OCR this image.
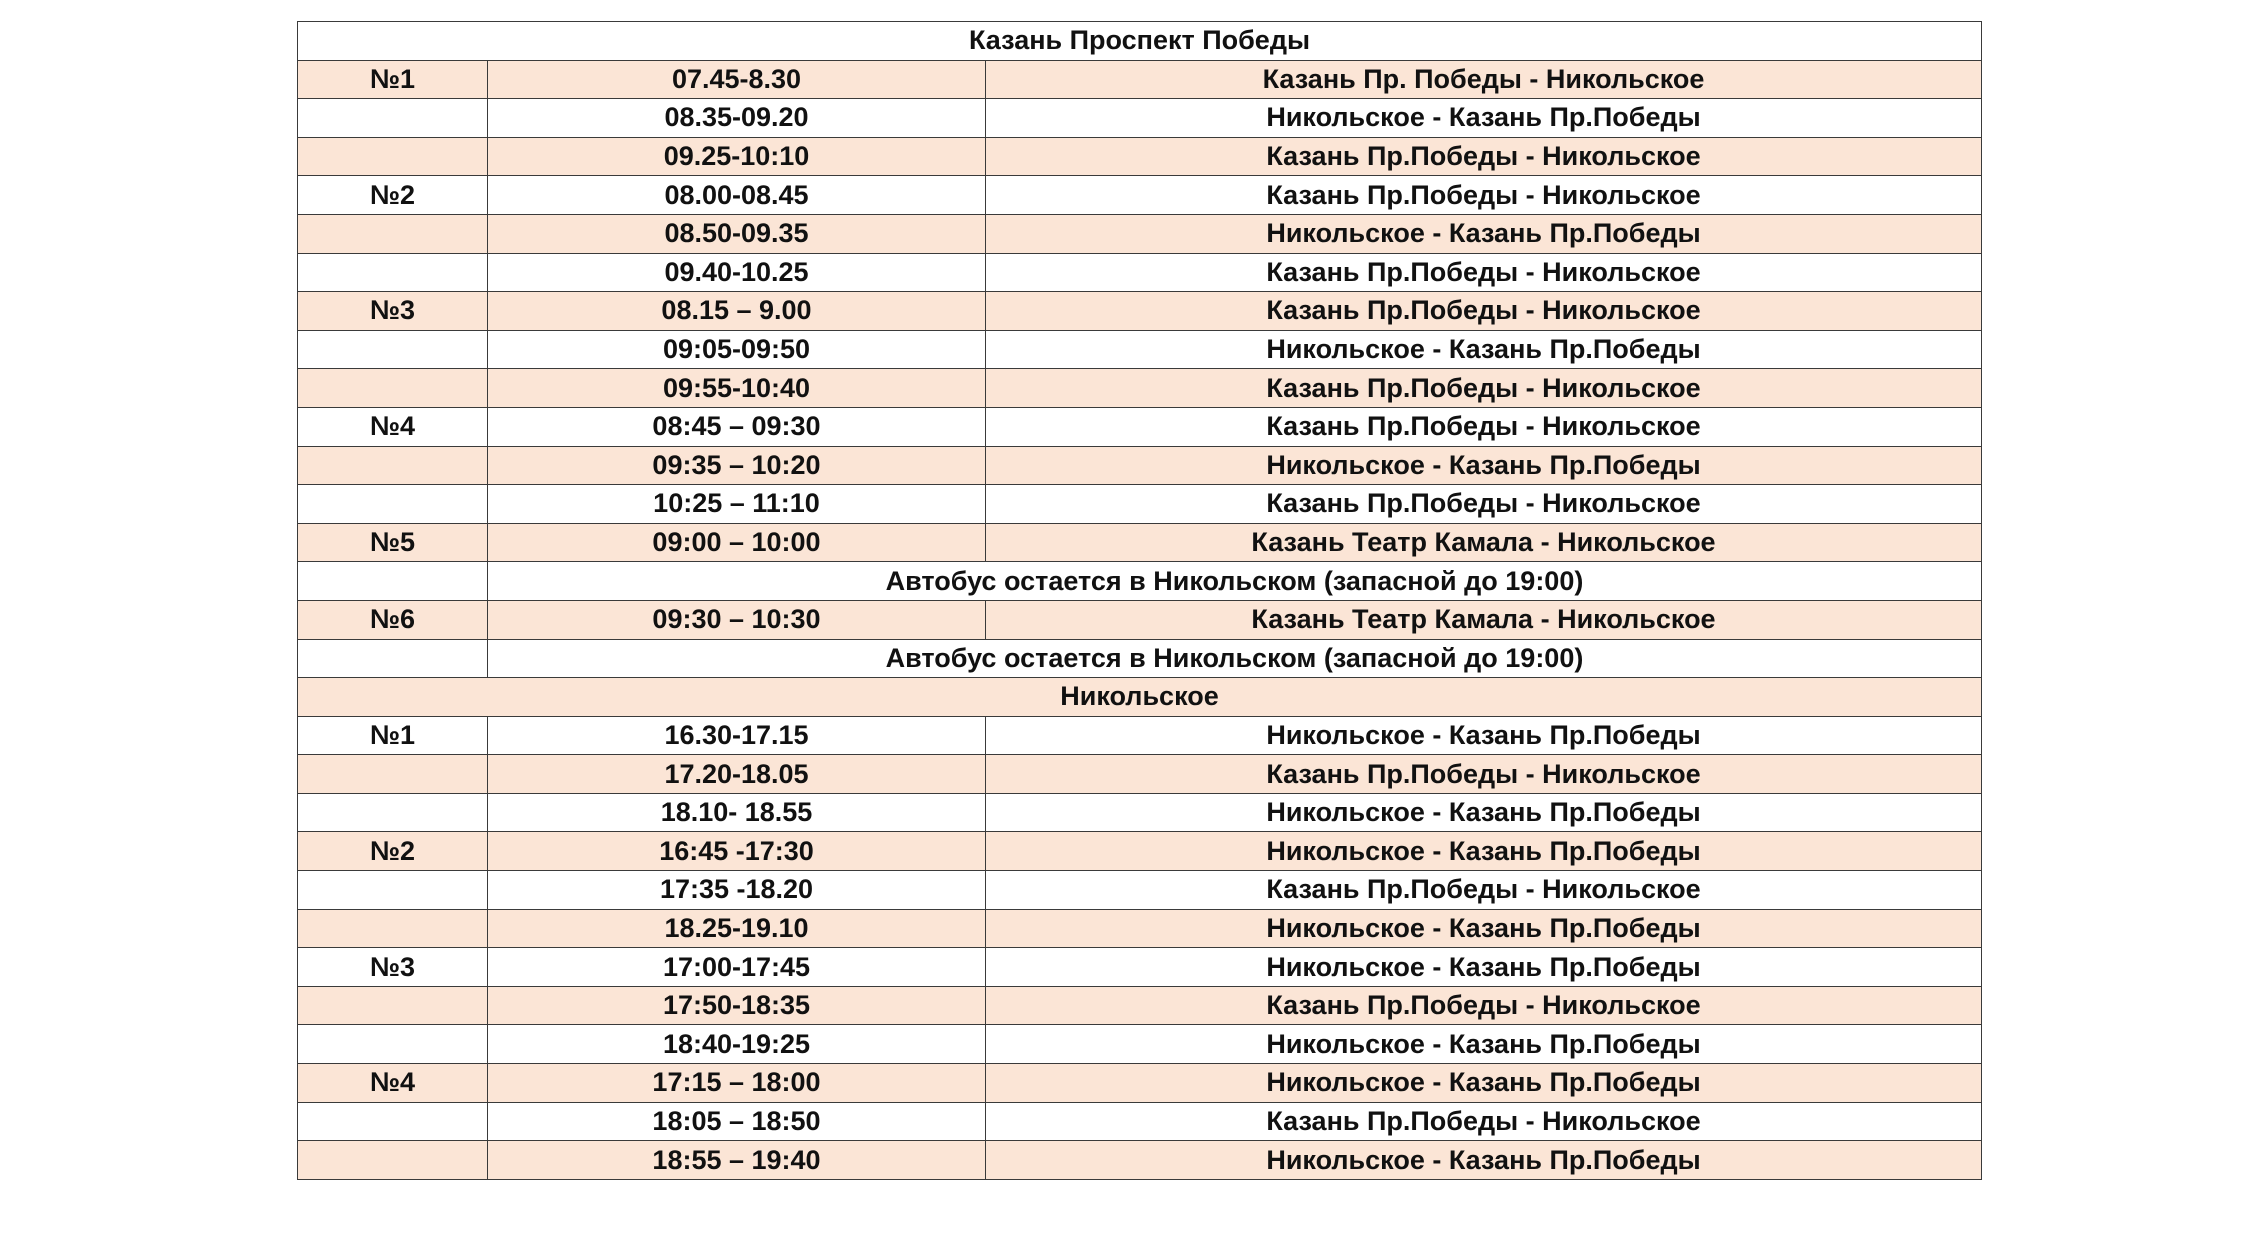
Казань Проспект Победы		
№1	07.45-8.30	Казань Пр. Победы - Никольское
	08.35-09.20	Никольское - Казань Пр.Победы
	09.25-10:10	Казань Пр.Победы - Никольское
№2	08.00-08.45	Казань Пр.Победы - Никольское
	08.50-09.35	Никольское - Казань Пр.Победы
	09.40-10.25	Казань Пр.Победы - Никольское
№3	08.15 – 9.00	Казань Пр.Победы - Никольское
	09:05-09:50	Никольское - Казань Пр.Победы
	09:55-10:40	Казань Пр.Победы - Никольское
№4	08:45 – 09:30	Казань Пр.Победы - Никольское
	09:35 – 10:20	Никольское - Казань Пр.Победы
	10:25 – 11:10	Казань Пр.Победы - Никольское
№5	09:00 – 10:00	Казань Театр Камала - Никольское
	Автобус остается в Никольском (запасной до 19:00)	
№6	09:30 – 10:30	Казань Театр Камала - Никольское
	Автобус остается в Никольском (запасной до 19:00)	
Никольское		
№1	16.30-17.15	Никольское - Казань Пр.Победы
	17.20-18.05	Казань Пр.Победы - Никольское
	18.10- 18.55	Никольское - Казань Пр.Победы
№2	16:45 -17:30	Никольское - Казань Пр.Победы
	17:35 -18.20	Казань Пр.Победы - Никольское
	18.25-19.10	Никольское - Казань Пр.Победы
№3	17:00-17:45	Никольское - Казань Пр.Победы
	17:50-18:35	Казань Пр.Победы - Никольское
	18:40-19:25	Никольское - Казань Пр.Победы
№4	17:15 – 18:00	Никольское - Казань Пр.Победы
	18:05 – 18:50	Казань Пр.Победы - Никольское
	18:55 – 19:40	Никольское - Казань Пр.Победы
